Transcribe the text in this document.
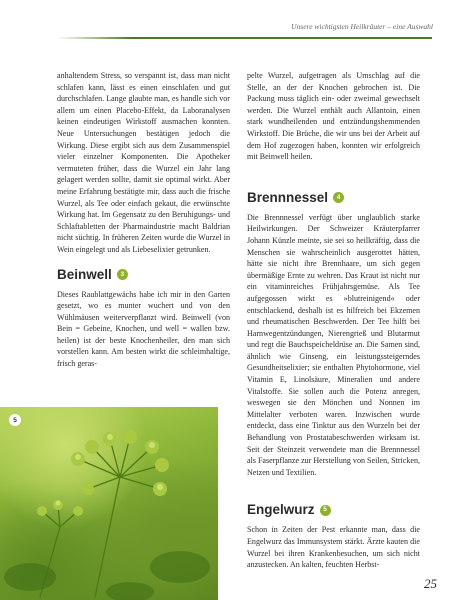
Unsere wichtigsten Heilkräuter – eine Auswahl

anhaltendem Stress, so verspannt ist, dass man nicht schlafen kann, lässt es einen einschlafen und gut durchschlafen. Lange glaubte man, es handle sich vor allem um einen Placebo-Effekt, da Laboranalysen keinen eindeutigen Wirkstoff ausmachen konnten. Neue Untersuchungen bestätigen jedoch die Wirkung. Diese ergibt sich aus dem Zusammenspiel vieler einzelner Komponenten. Die Apotheker vermuteten früher, dass die Wurzel ein Jahr lang gelagert werden sollte, damit sie optimal wirkt. Aber meine Erfahrung bestätigte mir, dass auch die frische Wurzel, als Tee oder einfach gekaut, die erwünschte Wirkung hat. Im Gegensatz zu den Beruhigungs- und Schlaftabletten der Pharmaindustrie macht Baldrian nicht süchtig. In früheren Zeiten wurde die Wurzel in Wein eingelegt und als Liebeselixier getrunken.

Beinwell	3

Dieses Raublattgewächs habe ich mir in den Garten gesetzt, wo es munter wuchert und von den Wühlmäusen weiterverpflanzt wird. Beinwell (von Bein = Gebeine, Knochen, und well = wallen bzw. heilen) ist der beste Knochenheiler, den man sich vorstellen kann. Am besten wirkt die schleimhaltige, frisch geras-

5

pelte Wurzel, aufgetragen als Umschlag auf die Stelle, an der der Knochen gebrochen ist. Die Packung muss täglich ein- oder zweimal gewechselt werden. Die Wurzel enthält auch Allantoin, einen stark wundheilenden und entzündungshemmenden Wirkstoff. Die Brüche, die wir uns bei der Arbeit auf dem Hof zugezogen haben, konnten wir erfolgreich mit Beinwell heilen.

Brennnessel	4

Die Brennnessel verfügt über unglaublich starke Heilwirkungen. Der Schweizer Kräuterpfarrer Johann Künzle meinte, sie sei so heilkräftig, dass die Menschen sie wahrscheinlich ausgerottet hätten, hätte sie nicht ihre Brennhaare, um sich gegen übermäßige Ernte zu wehren. Das Kraut ist nicht nur ein vitaminreiches Frühjahrsgemüse. Als Tee aufgegossen wirkt es »blutreinigend« oder entschlackend, deshalb ist es hilfreich bei Ekzemen und rheumatischen Beschwerden. Der Tee hilft bei Harnwegentzündungen, Nierengrieß und Blutarmut und regt die Bauchspeicheldrüse an. Die Samen sind, ähnlich wie Ginseng, ein leistungssteigerndes Gesundheitselixier; sie enthalten Phytohormone, viel Vitamin E, Linolsäure, Mineralien und andere Vitalstoffe. Sie sollen auch die Potenz anregen, weswegen sie den Mönchen und Nonnen im Mittelalter verboten waren. Inzwischen wurde entdeckt, dass eine Tinktur aus den Wurzeln bei der Behandlung von Prostatabeschwerden wirksam ist. Seit der Steinzeit verwendete man die Brennnessel als Faserpflanze zur Herstellung von Seilen, Stricken, Netzen und Textilien.

Engelwurz	5

Schon in Zeiten der Pest erkannte man, dass die Engelwurz das Immunsystem stärkt. Ärzte kauten die Wurzel bei ihren Krankenbesuchen, um sich nicht anzustecken. An kalten, feuchten Herbst-

25
